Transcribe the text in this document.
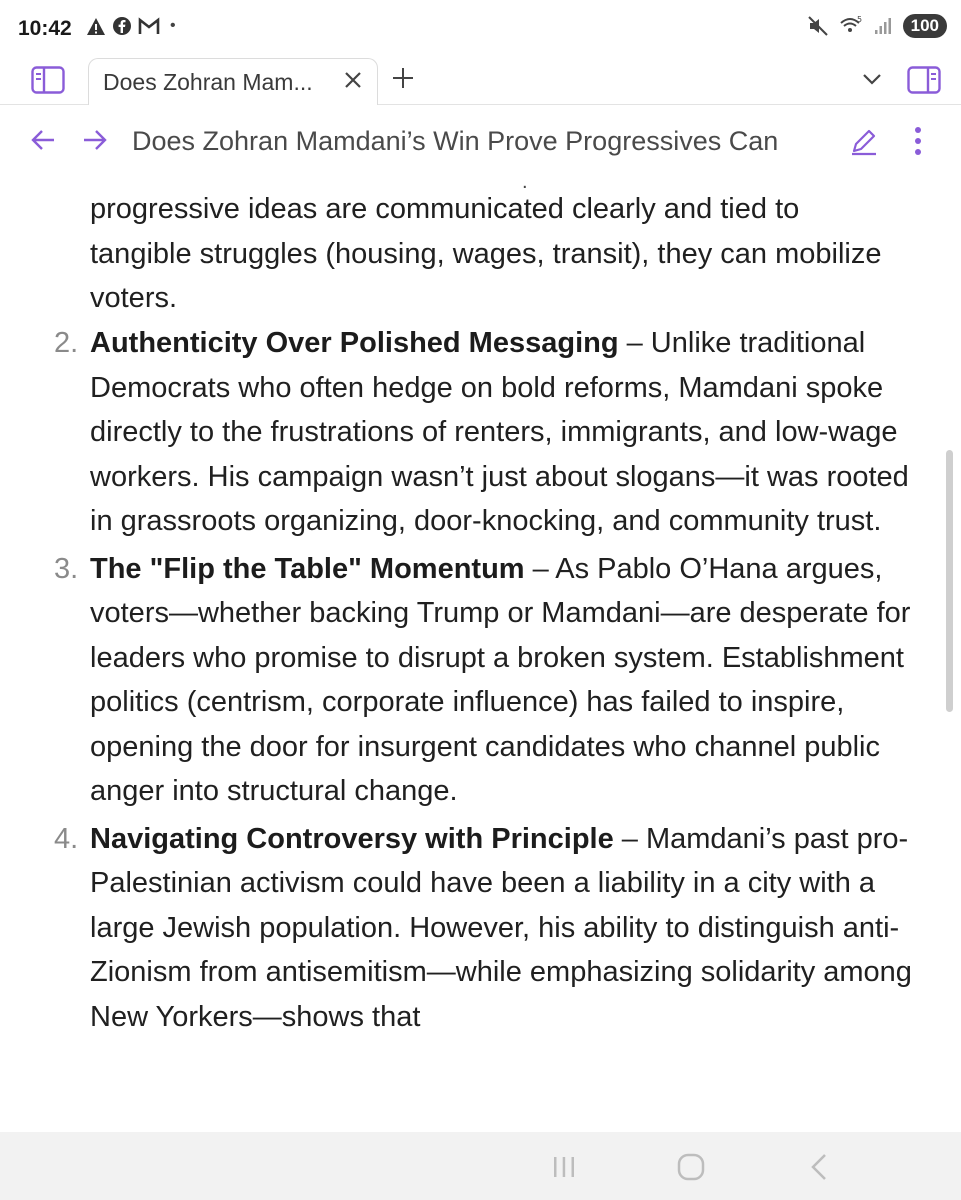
10:42	•	5	100
Does Zohran Mam...
Does Zohran Mamdani’s Win Prove Progressives Can
.
progressive ideas are communicated clearly and tied to tangible struggles (housing, wages, transit), they can mobilize voters.
2. Authenticity Over Polished Messaging – Unlike traditional Democrats who often hedge on bold reforms, Mamdani spoke directly to the frustrations of renters, immigrants, and low-wage workers. His campaign wasn’t just about slogans—it was rooted in grassroots organizing, door-knocking, and community trust.
3. The "Flip the Table" Momentum – As Pablo O’Hana argues, voters—whether backing Trump or Mamdani—are desperate for leaders who promise to disrupt a broken system. Establishment politics (centrism, corporate influence) has failed to inspire, opening the door for insurgent candidates who channel public anger into structural change.
4. Navigating Controversy with Principle – Mamdani’s past pro-Palestinian activism could have been a liability in a city with a large Jewish population. However, his ability to distinguish anti-Zionism from antisemitism—while emphasizing solidarity among New Yorkers—shows that
